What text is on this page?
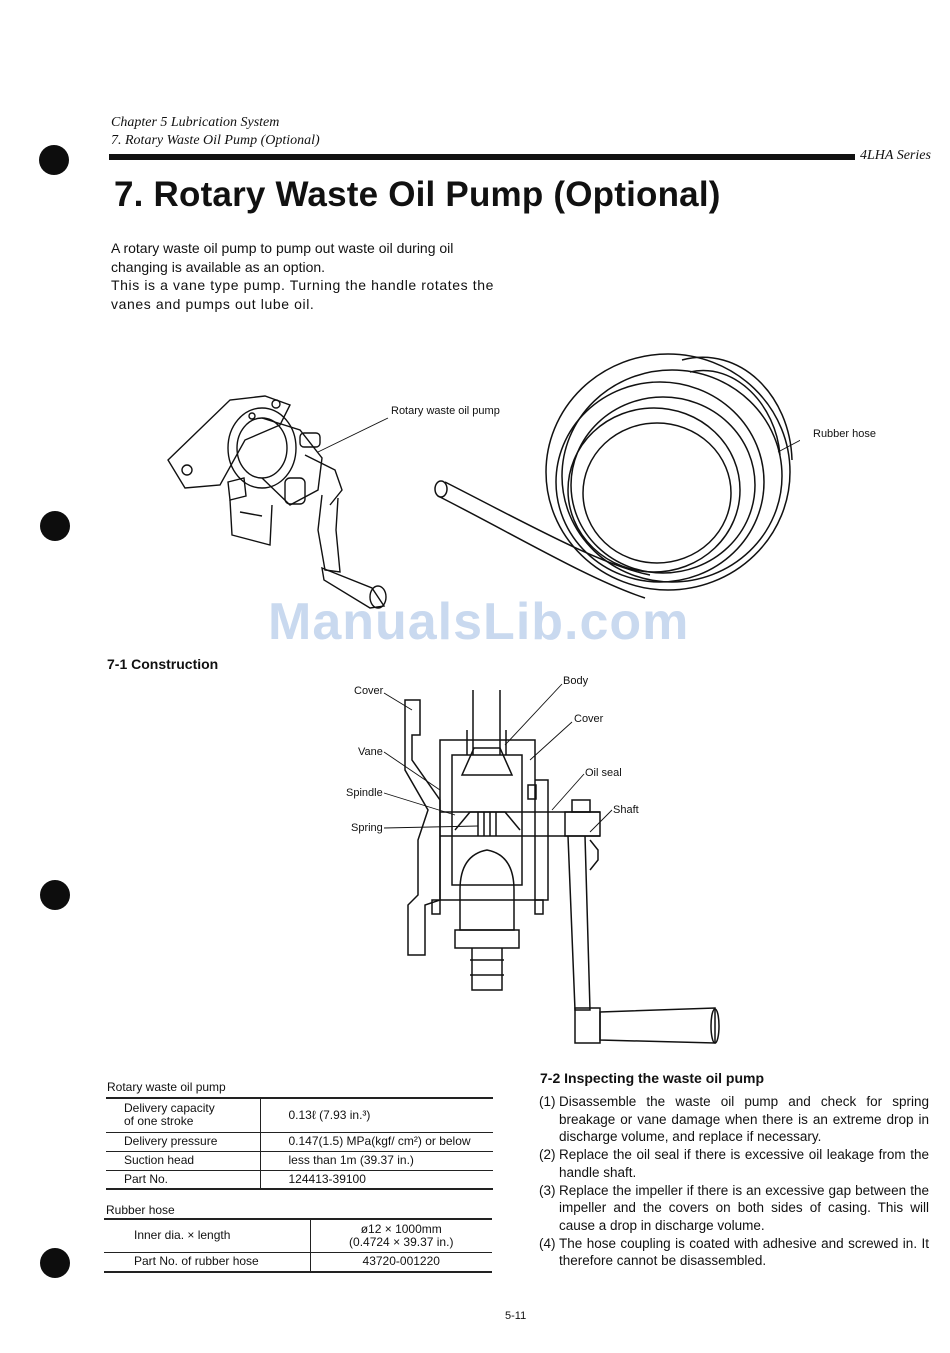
Chapter 5 Lubrication System
7. Rotary Waste Oil Pump (Optional)
4LHA Series
7. Rotary Waste Oil Pump (Optional)

A rotary waste oil pump to pump out waste oil during oil changing is available as an option.

This is a vane type pump. Turning the handle rotates the vanes and pumps out lube oil.

Rotary waste oil pump
Rubber hose
ManualsLib.com
7-1 Construction
Cover
Vane
Spindle
Spring
Body
Cover
Oil seal
Shaft
Rotary waste oil pump
Delivery capacity
of one stroke	0.13ℓ (7.93 in.³)
Delivery pressure	0.147(1.5) MPa(kgf/ cm²) or below
Suction head	less than 1m (39.37 in.)
Part No.	124413-39100
Rubber hose
Inner dia. × length	ø12 × 1000mm
(0.4724 × 39.37 in.)

Part No. of rubber hose	43720-001220
7-2 Inspecting the waste oil pump
(1) Disassemble the waste oil pump and check for spring breakage or vane damage when there is an extreme drop in discharge volume, and replace if necessary.
(2) Replace the oil seal if there is excessive oil leakage from the handle shaft.
(3) Replace the impeller if there is an excessive gap between the impeller and the covers on both sides of casing. This will cause a drop in discharge volume.
(4) The hose coupling is coated with adhesive and screwed in. It therefore cannot be disassembled.
5-11
